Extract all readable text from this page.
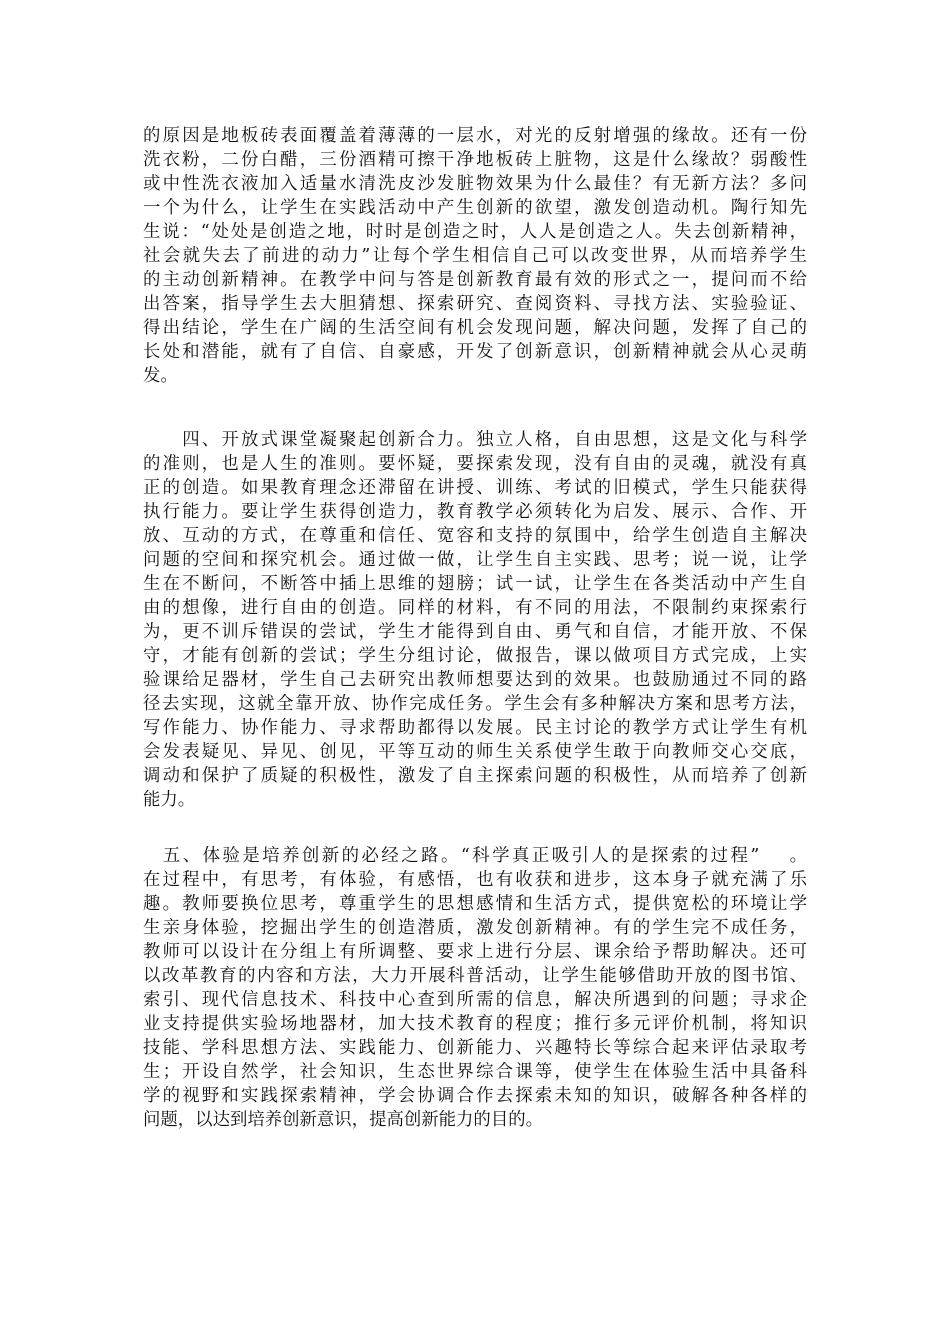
的原因是地板砖表面覆盖着薄薄的一层水，对光的反射增强的缘故。还有一份
洗衣粉，二份白醋，三份酒精可擦干净地板砖上脏物，这是什么缘故？弱酸性
或中性洗衣液加入适量水清洗皮沙发脏物效果为什么最佳？有无新方法？多问
一个为什么，让学生在实践活动中产生创新的欲望，激发创造动机。陶行知先
生说：“处处是创造之地，时时是创造之时，人人是创造之人。失去创新精神，
社会就失去了前进的动力”让每个学生相信自己可以改变世界，从而培养学生
的主动创新精神。在教学中问与答是创新教育最有效的形式之一，提问而不给
出答案，指导学生去大胆猜想、探索研究、查阅资料、寻找方法、实验验证、
得出结论，学生在广阔的生活空间有机会发现问题，解决问题，发挥了自己的
长处和潜能，就有了自信、自豪感，开发了创新意识，创新精神就会从心灵萌
发。
　　四、开放式课堂凝聚起创新合力。独立人格，自由思想，这是文化与科学
的准则，也是人生的准则。要怀疑，要探索发现，没有自由的灵魂，就没有真
正的创造。如果教育理念还滞留在讲授、训练、考试的旧模式，学生只能获得
执行能力。要让学生获得创造力，教育教学必须转化为启发、展示、合作、开
放、互动的方式，在尊重和信任、宽容和支持的氛围中，给学生创造自主解决
问题的空间和探究机会。通过做一做，让学生自主实践、思考；说一说，让学
生在不断问，不断答中插上思维的翅膀；试一试，让学生在各类活动中产生自
由的想像，进行自由的创造。同样的材料，有不同的用法，不限制约束探索行
为，更不训斥错误的尝试，学生才能得到自由、勇气和自信，才能开放、不保
守，才能有创新的尝试；学生分组讨论，做报告，课以做项目方式完成，上实
验课给足器材，学生自己去研究出教师想要达到的效果。也鼓励通过不同的路
径去实现，这就全靠开放、协作完成任务。学生会有多种解决方案和思考方法，
写作能力、协作能力、寻求帮助都得以发展。民主讨论的教学方式让学生有机
会发表疑见、异见、创见，平等互动的师生关系使学生敢于向教师交心交底，
调动和保护了质疑的积极性，激发了自主探索问题的积极性，从而培养了创新
能力。
　五、体验是培养创新的必经之路。“科学真正吸引人的是探索的过程”　 。
在过程中，有思考，有体验，有感悟，也有收获和进步，这本身子就充满了乐
趣。教师要换位思考，尊重学生的思想感情和生活方式，提供宽松的环境让学
生亲身体验，挖掘出学生的创造潜质，激发创新精神。有的学生完不成任务，
教师可以设计在分组上有所调整、要求上进行分层、课余给予帮助解决。还可
以改革教育的内容和方法，大力开展科普活动，让学生能够借助开放的图书馆、
索引、现代信息技术、科技中心查到所需的信息，解决所遇到的问题；寻求企
业支持提供实验场地器材，加大技术教育的程度；推行多元评价机制，将知识
技能、学科思想方法、实践能力、创新能力、兴趣特长等综合起来评估录取考
生；开设自然学，社会知识，生态世界综合课等，使学生在体验生活中具备科
学的视野和实践探索精神，学会协调合作去探索未知的知识，破解各种各样的
问题，以达到培养创新意识，提高创新能力的目的。
